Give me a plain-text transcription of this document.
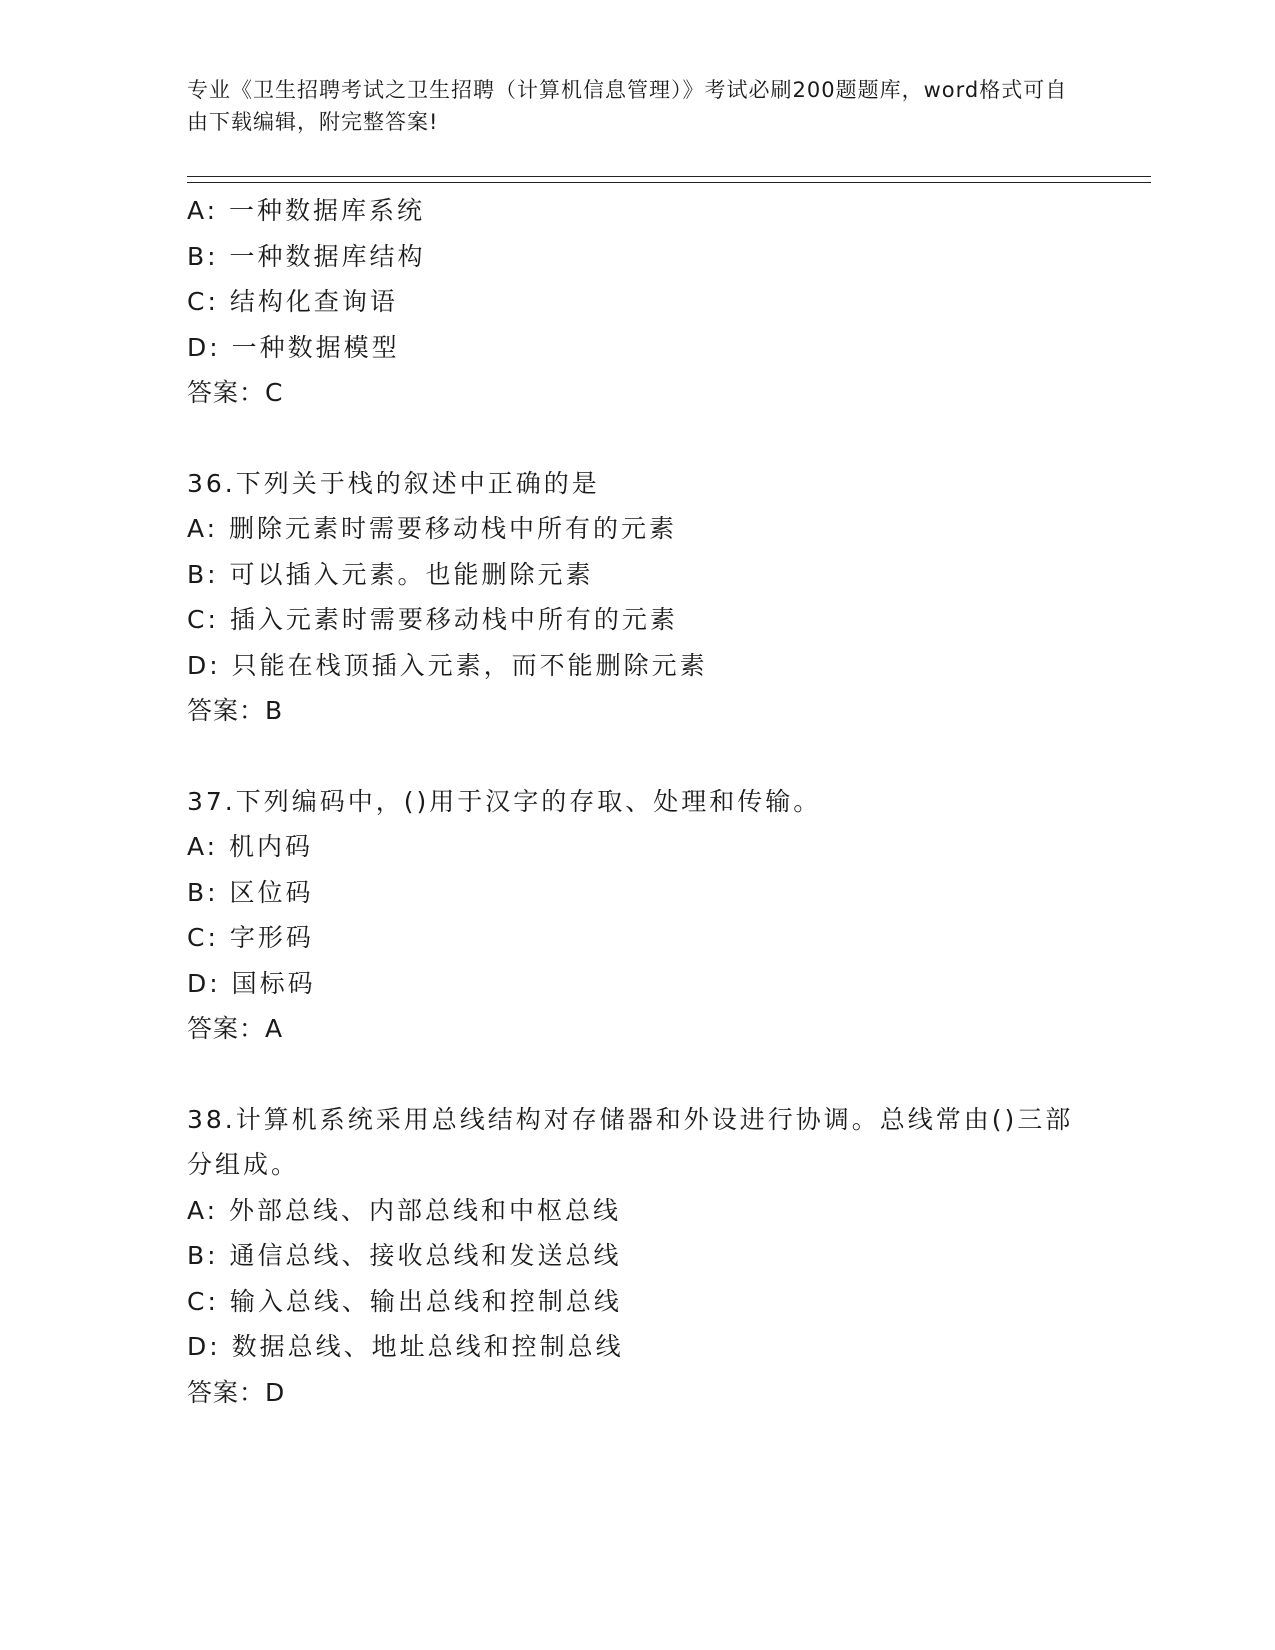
专业《卫生招聘考试之卫生招聘（计算机信息管理）》考试必刷200题题库，word格式可自由下载编辑，附完整答案!
A: 一种数据库系统
B: 一种数据库结构
C: 结构化查询语
D: 一种数据模型
答案：C
36.下列关于栈的叙述中正确的是
A: 删除元素时需要移动栈中所有的元素
B: 可以插入元素。也能删除元素
C: 插入元素时需要移动栈中所有的元素
D: 只能在栈顶插入元素，而不能删除元素
答案：B
37.下列编码中，()用于汉字的存取、处理和传输。
A: 机内码
B: 区位码
C: 字形码
D: 国标码
答案：A
38.计算机系统采用总线结构对存储器和外设进行协调。总线常由()三部分组成。
A: 外部总线、内部总线和中枢总线
B: 通信总线、接收总线和发送总线
C: 输入总线、输出总线和控制总线
D: 数据总线、地址总线和控制总线
答案：D
